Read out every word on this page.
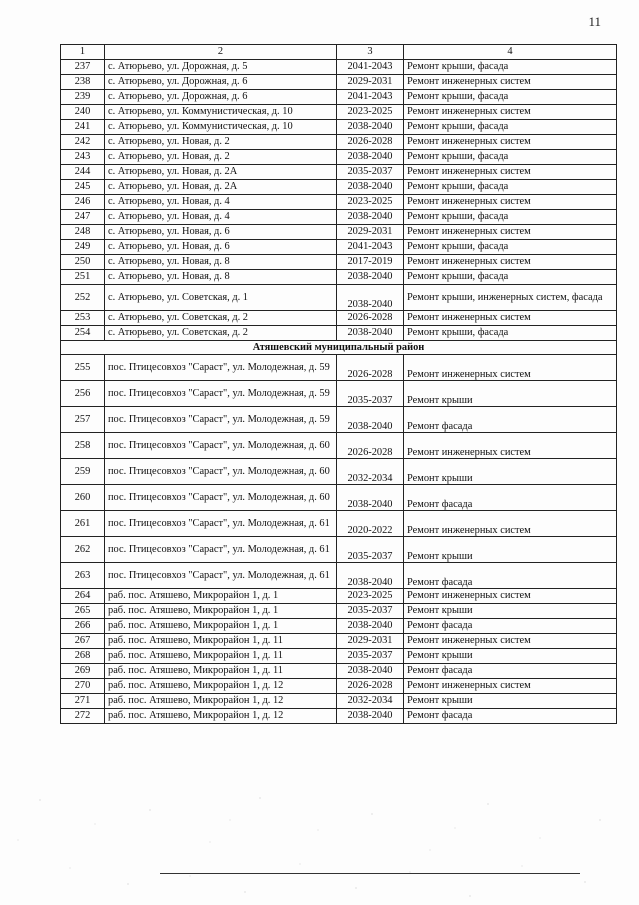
11
1	2	3	4
237	с. Атюрьево, ул. Дорожная, д. 5	2041-2043	Ремонт крыши, фасада
238	с. Атюрьево, ул. Дорожная, д. 6	2029-2031	Ремонт инженерных систем
239	с. Атюрьево, ул. Дорожная, д. 6	2041-2043	Ремонт крыши, фасада
240	с. Атюрьево, ул. Коммунистическая, д. 10	2023-2025	Ремонт инженерных систем
241	с. Атюрьево, ул. Коммунистическая, д. 10	2038-2040	Ремонт крыши, фасада
242	с. Атюрьево, ул. Новая, д. 2	2026-2028	Ремонт инженерных систем
243	с. Атюрьево, ул. Новая, д. 2	2038-2040	Ремонт крыши, фасада
244	с. Атюрьево, ул. Новая, д. 2А	2035-2037	Ремонт инженерных систем
245	с. Атюрьево, ул. Новая, д. 2А	2038-2040	Ремонт крыши, фасада
246	с. Атюрьево, ул. Новая, д. 4	2023-2025	Ремонт инженерных систем
247	с. Атюрьево, ул. Новая, д. 4	2038-2040	Ремонт крыши, фасада
248	с. Атюрьево, ул. Новая, д. 6	2029-2031	Ремонт инженерных систем
249	с. Атюрьево, ул. Новая, д. 6	2041-2043	Ремонт крыши, фасада
250	с. Атюрьево, ул. Новая, д. 8	2017-2019	Ремонт инженерных систем
251	с. Атюрьево, ул. Новая, д. 8	2038-2040	Ремонт крыши, фасада
252	с. Атюрьево, ул. Советская, д. 1	2038-2040	Ремонт крыши, инженерных систем, фасада
253	с. Атюрьево, ул. Советская, д. 2	2026-2028	Ремонт инженерных систем
254	с. Атюрьево, ул. Советская, д. 2	2038-2040	Ремонт крыши, фасада
Атяшевский муниципальный район			
255	пос. Птицесовхоз "Сараст", ул. Молодежная, д. 59	2026-2028	Ремонт инженерных систем
256	пос. Птицесовхоз "Сараст", ул. Молодежная, д. 59	2035-2037	Ремонт крыши
257	пос. Птицесовхоз "Сараст", ул. Молодежная, д. 59	2038-2040	Ремонт фасада
258	пос. Птицесовхоз "Сараст", ул. Молодежная, д. 60	2026-2028	Ремонт инженерных систем
259	пос. Птицесовхоз "Сараст", ул. Молодежная, д. 60	2032-2034	Ремонт крыши
260	пос. Птицесовхоз "Сараст", ул. Молодежная, д. 60	2038-2040	Ремонт фасада
261	пос. Птицесовхоз "Сараст", ул. Молодежная, д. 61	2020-2022	Ремонт инженерных систем
262	пос. Птицесовхоз "Сараст", ул. Молодежная, д. 61	2035-2037	Ремонт крыши
263	пос. Птицесовхоз "Сараст", ул. Молодежная, д. 61	2038-2040	Ремонт фасада
264	раб. пос. Атяшево, Микрорайон 1, д. 1	2023-2025	Ремонт инженерных систем
265	раб. пос. Атяшево, Микрорайон 1, д. 1	2035-2037	Ремонт крыши
266	раб. пос. Атяшево, Микрорайон 1, д. 1	2038-2040	Ремонт фасада
267	раб. пос. Атяшево, Микрорайон 1, д. 11	2029-2031	Ремонт инженерных систем
268	раб. пос. Атяшево, Микрорайон 1, д. 11	2035-2037	Ремонт крыши
269	раб. пос. Атяшево, Микрорайон 1, д. 11	2038-2040	Ремонт фасада
270	раб. пос. Атяшево, Микрорайон 1, д. 12	2026-2028	Ремонт инженерных систем
271	раб. пос. Атяшево, Микрорайон 1, д. 12	2032-2034	Ремонт крыши
272	раб. пос. Атяшево, Микрорайон 1, д. 12	2038-2040	Ремонт фасада
